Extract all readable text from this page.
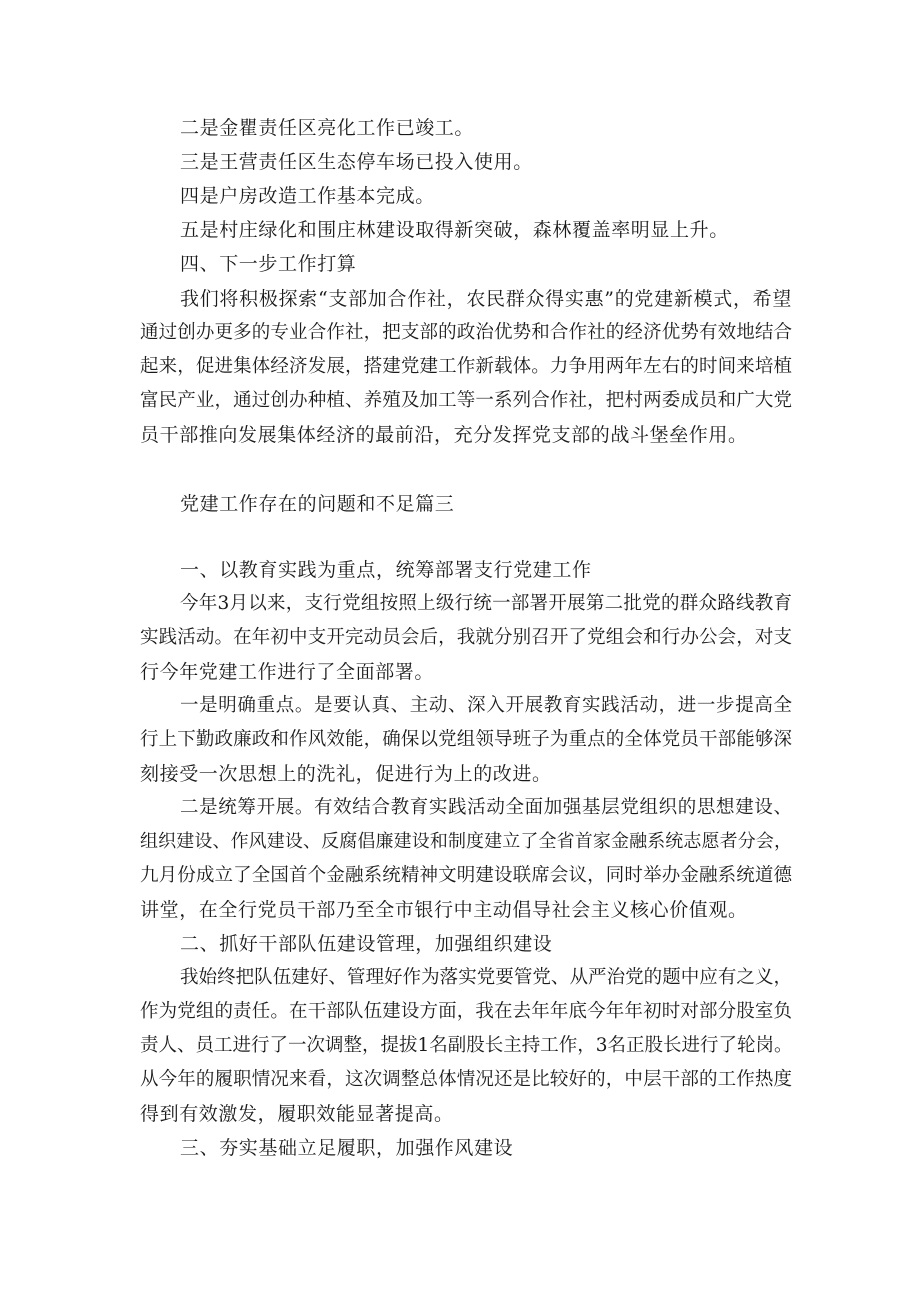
二是金瞿责任区亮化工作已竣工。
三是王营责任区生态停车场已投入使用。
四是户房改造工作基本完成。
五是村庄绿化和围庄林建设取得新突破，森林覆盖率明显上升。
四、下一步工作打算
我们将积极探索“支部加合作社，农民群众得实惠”的党建新模式，希望
通过创办更多的专业合作社，把支部的政治优势和合作社的经济优势有效地结合
起来，促进集体经济发展，搭建党建工作新载体。力争用两年左右的时间来培植
富民产业，通过创办种植、养殖及加工等一系列合作社，把村两委成员和广大党
员干部推向发展集体经济的最前沿，充分发挥党支部的战斗堡垒作用。
党建工作存在的问题和不足篇三
一、以教育实践为重点，统筹部署支行党建工作
今年3月以来，支行党组按照上级行统一部署开展第二批党的群众路线教育
实践活动。在年初中支开完动员会后，我就分别召开了党组会和行办公会，对支
行今年党建工作进行了全面部署。
一是明确重点。是要认真、主动、深入开展教育实践活动，进一步提高全
行上下勤政廉政和作风效能，确保以党组领导班子为重点的全体党员干部能够深
刻接受一次思想上的洗礼，促进行为上的改进。
二是统筹开展。有效结合教育实践活动全面加强基层党组织的思想建设、
组织建设、作风建设、反腐倡廉建设和制度建立了全省首家金融系统志愿者分会，
九月份成立了全国首个金融系统精神文明建设联席会议，同时举办金融系统道德
讲堂，在全行党员干部乃至全市银行中主动倡导社会主义核心价值观。
二、抓好干部队伍建设管理，加强组织建设
我始终把队伍建好、管理好作为落实党要管党、从严治党的题中应有之义，
作为党组的责任。在干部队伍建设方面，我在去年年底今年年初时对部分股室负
责人、员工进行了一次调整，提拔1名副股长主持工作，3名正股长进行了轮岗。
从今年的履职情况来看，这次调整总体情况还是比较好的，中层干部的工作热度
得到有效激发，履职效能显著提高。
三、夯实基础立足履职，加强作风建设
